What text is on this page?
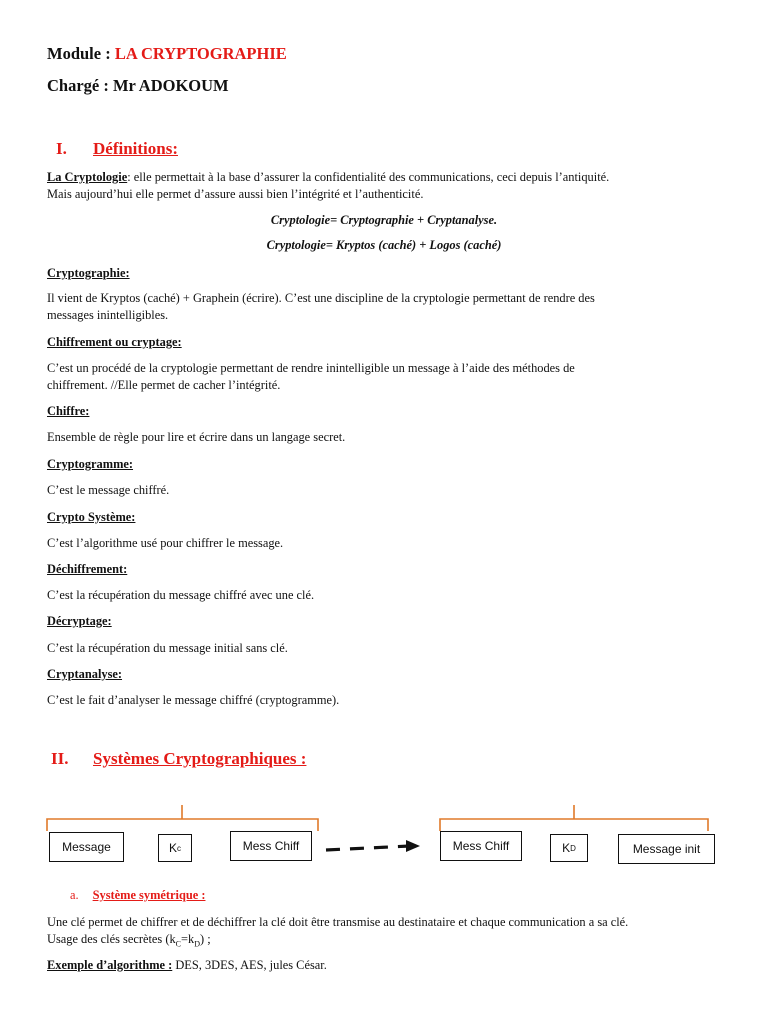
Module : LA CRYPTOGRAPHIE
Chargé : Mr ADOKOUM
I. Définitions:
La Cryptologie: elle permettait à la base d’assurer la confidentialité des communications, ceci depuis l’antiquité.
Mais aujourd’hui elle permet d’assure aussi bien l’intégrité et l’authenticité.
Cryptologie= Cryptographie + Cryptanalyse.
Cryptologie= Kryptos (caché) + Logos (caché)
Cryptographie:
Il vient de Kryptos (caché) + Graphein (écrire). C’est une discipline de la cryptologie permettant de rendre des
messages inintelligibles.
Chiffrement ou cryptage:
C’est un procédé de la cryptologie permettant de rendre inintelligible un message à l’aide des méthodes de
chiffrement. //Elle permet de cacher l’intégrité.
Chiffre:
Ensemble de règle pour lire et écrire dans un langage secret.
Cryptogramme:
C’est le message chiffré.
Crypto Système:
C’est l’algorithme usé pour chiffrer le message.
Déchiffrement:
C’est la récupération du message chiffré avec une clé.
Décryptage:
C’est la récupération du message initial sans clé.
Cryptanalyse:
C’est le fait d’analyser le message chiffré (cryptogramme).
II. Systèmes Cryptographiques :
Message	K c	Mess Chiff	Mess Chiff	K D	Message init
a. Système symétrique :
Une clé permet de chiffrer et de déchiffrer la clé doit être transmise au destinataire et chaque communication a sa clé.
Usage des clés secrètes $(k_C=k_D)$ ;
Exemple d’algorithme : DES, 3DES, AES, jules César.
